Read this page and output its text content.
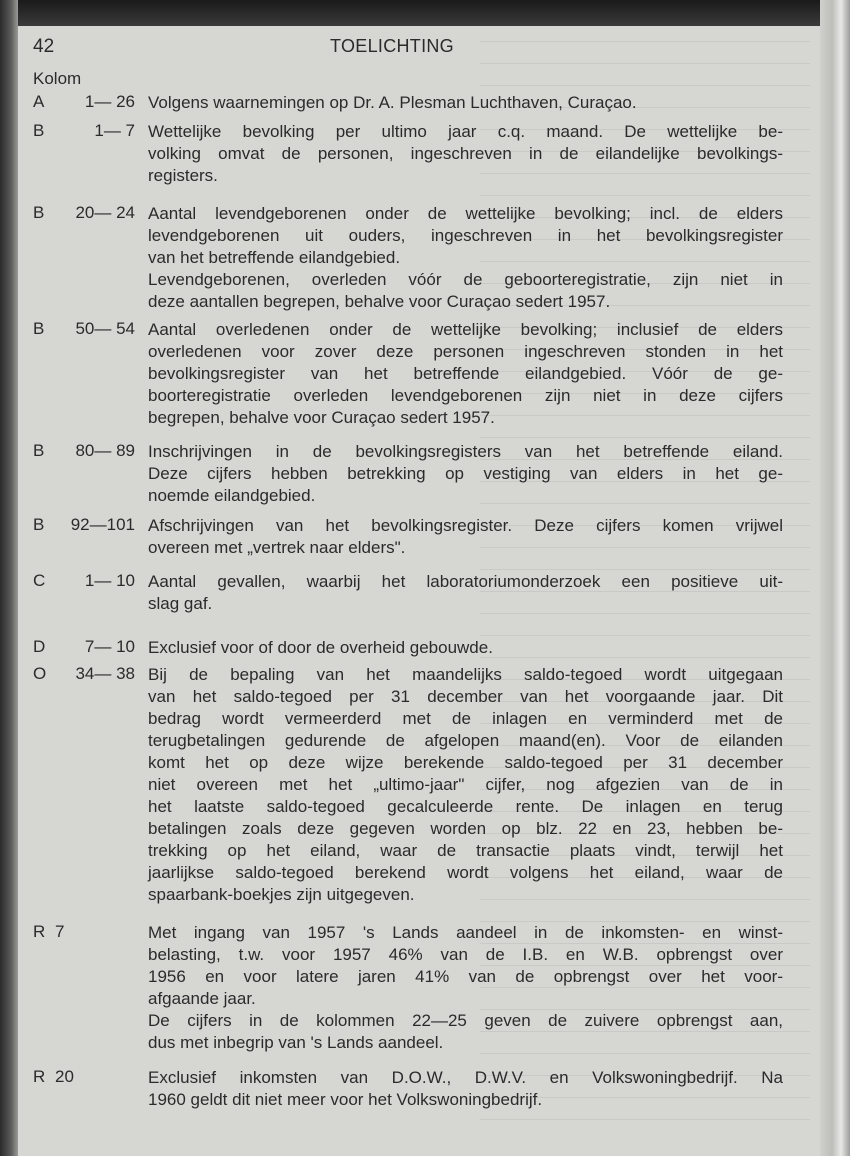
42	TOELICHTING
Kolom
A	1— 26 Volgens waarnemingen op Dr. A. Plesman Luchthaven, Curaçao.
B	1— 7 Wettelijke bevolking per ultimo jaar c.q. maand. De wettelijke be-
volking omvat de personen, ingeschreven in de eilandelijke bevolkings-
registers.
B	20— 24 Aantal levendgeborenen onder de wettelijke bevolking; incl. de elders
levendgeborenen uit ouders, ingeschreven in het bevolkingsregister
van het betreffende eilandgebied.
Levendgeborenen, overleden vóór de geboorteregistratie, zijn niet in
deze aantallen begrepen, behalve voor Curaçao sedert 1957.
B	50— 54 Aantal overledenen onder de wettelijke bevolking; inclusief de elders
overledenen voor zover deze personen ingeschreven stonden in het
bevolkingsregister van het betreffende eilandgebied. Vóór de ge-
boorteregistratie overleden levendgeborenen zijn niet in deze cijfers
begrepen, behalve voor Curaçao sedert 1957.
B	80— 89 Inschrijvingen in de bevolkingsregisters van het betreffende eiland.
Deze cijfers hebben betrekking op vestiging van elders in het ge-
noemde eilandgebied.
B	92—101 Afschrijvingen van het bevolkingsregister. Deze cijfers komen vrijwel
overeen met „vertrek naar elders".
C	1— 10 Aantal gevallen, waarbij het laboratoriumonderzoek een positieve uit-
slag gaf.
D	7— 10 Exclusief voor of door de overheid gebouwde.
O	34— 38 Bij de bepaling van het maandelijks saldo-tegoed wordt uitgegaan
van het saldo-tegoed per 31 december van het voorgaande jaar. Dit
bedrag wordt vermeerderd met de inlagen en verminderd met de
terugbetalingen gedurende de afgelopen maand(en). Voor de eilanden
komt het op deze wijze berekende saldo-tegoed per 31 december
niet overeen met het „ultimo-jaar" cijfer, nog afgezien van de in
het laatste saldo-tegoed gecalculeerde rente. De inlagen en terug
betalingen zoals deze gegeven worden op blz. 22 en 23, hebben be-
trekking op het eiland, waar de transactie plaats vindt, terwijl het
jaarlijkse saldo-tegoed berekend wordt volgens het eiland, waar de
spaarbank-boekjes zijn uitgegeven.
R 7	Met ingang van 1957 's Lands aandeel in de inkomsten- en winst-
belasting, t.w. voor 1957 46% van de I.B. en W.B. opbrengst over
1956 en voor latere jaren 41% van de opbrengst over het voor-
afgaande jaar.
De cijfers in de kolommen 22—25 geven de zuivere opbrengst aan,
dus met inbegrip van 's Lands aandeel.
R 20	Exclusief inkomsten van D.O.W., D.W.V. en Volkswoningbedrijf. Na
1960 geldt dit niet meer voor het Volkswoningbedrijf.
